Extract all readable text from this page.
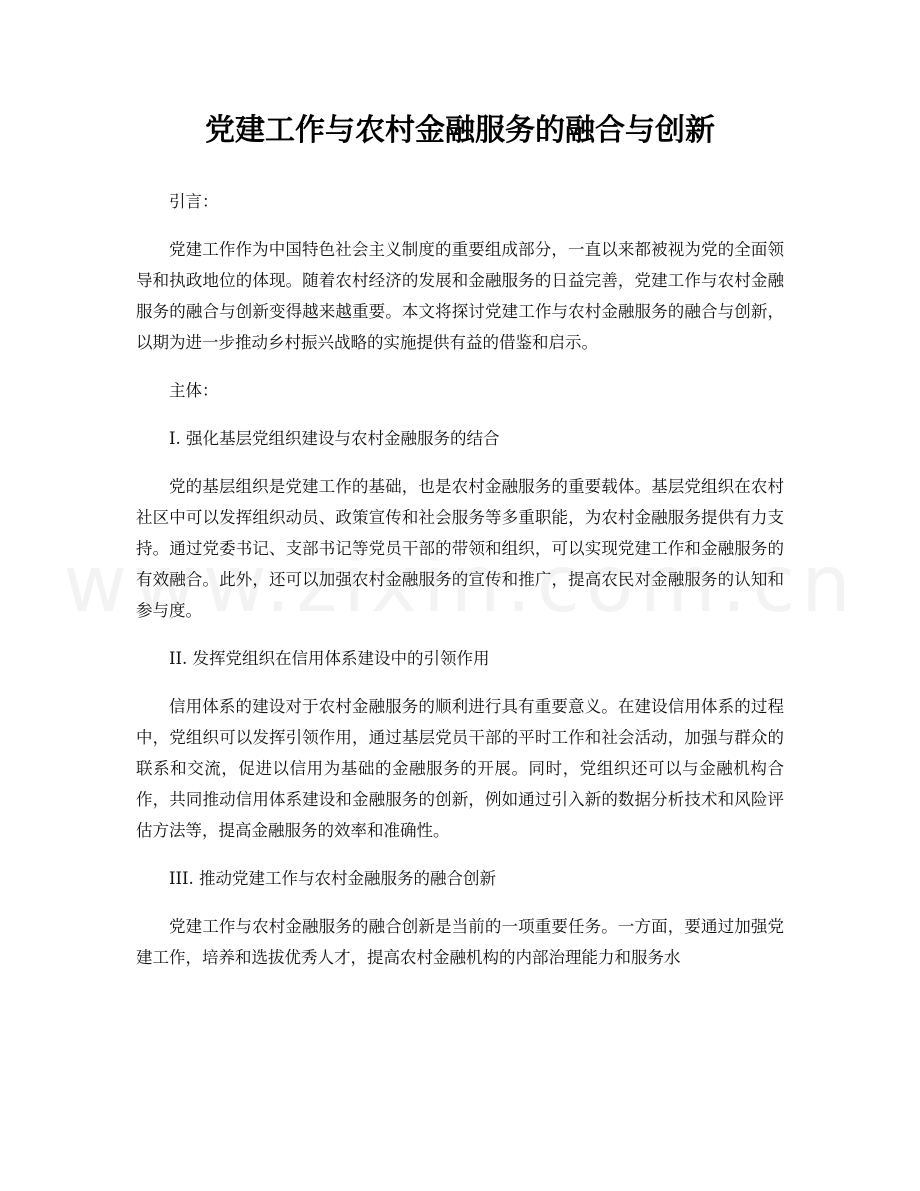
党建工作与农村金融服务的融合与创新

引言：

党建工作作为中国特色社会主义制度的重要组成部分，一直以来都被视为党的全面领导和执政地位的体现。随着农村经济的发展和金融服务的日益完善，党建工作与农村金融服务的融合与创新变得越来越重要。本文将探讨党建工作与农村金融服务的融合与创新，以期为进一步推动乡村振兴战略的实施提供有益的借鉴和启示。

主体：

I. 强化基层党组织建设与农村金融服务的结合

党的基层组织是党建工作的基础，也是农村金融服务的重要载体。基层党组织在农村社区中可以发挥组织动员、政策宣传和社会服务等多重职能，为农村金融服务提供有力支持。通过党委书记、支部书记等党员干部的带领和组织，可以实现党建工作和金融服务的有效融合。此外，还可以加强农村金融服务的宣传和推广，提高农民对金融服务的认知和参与度。

II. 发挥党组织在信用体系建设中的引领作用

信用体系的建设对于农村金融服务的顺利进行具有重要意义。在建设信用体系的过程中，党组织可以发挥引领作用，通过基层党员干部的平时工作和社会活动，加强与群众的联系和交流，促进以信用为基础的金融服务的开展。同时，党组织还可以与金融机构合作，共同推动信用体系建设和金融服务的创新，例如通过引入新的数据分析技术和风险评估方法等，提高金融服务的效率和准确性。

III. 推动党建工作与农村金融服务的融合创新

党建工作与农村金融服务的融合创新是当前的一项重要任务。一方面，要通过加强党建工作，培养和选拔优秀人才，提高农村金融机构的内部治理能力和服务水
